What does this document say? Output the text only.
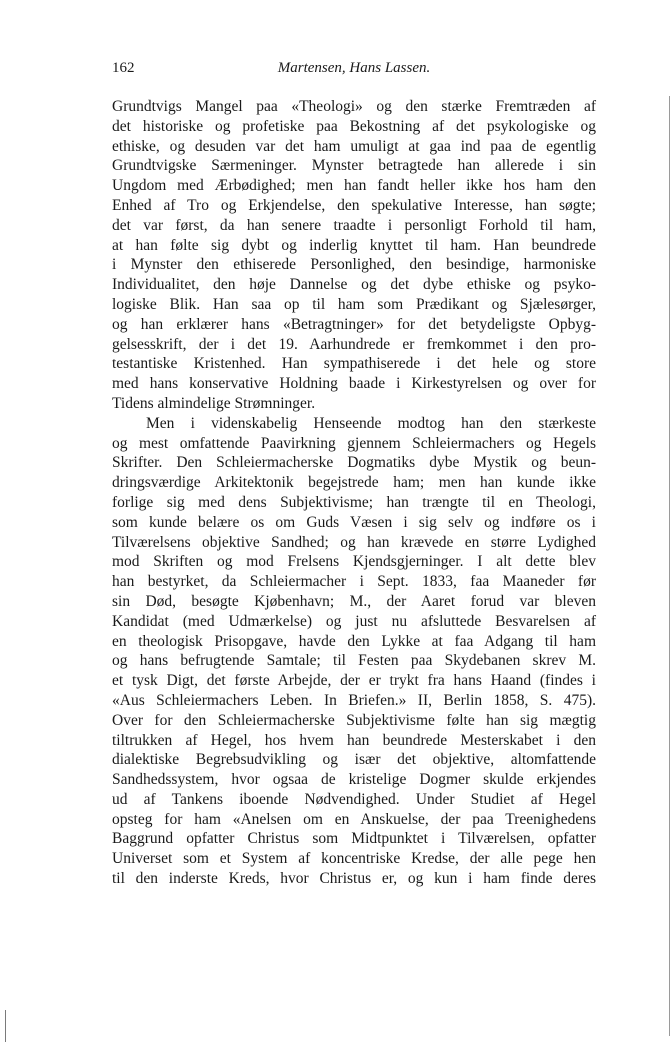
162	Martensen, Hans Lassen.
Grundtvigs Mangel paa «Theologi» og den stærke Fremtræden af
det historiske og profetiske paa Bekostning af det psykologiske og
ethiske, og desuden var det ham umuligt at gaa ind paa de egentlig
Grundtvigske Særmeninger. Mynster betragtede han allerede i sin
Ungdom med Ærbødighed; men han fandt heller ikke hos ham den
Enhed af Tro og Erkjendelse, den spekulative Interesse, han søgte;
det var først, da han senere traadte i personligt Forhold til ham,
at han følte sig dybt og inderlig knyttet til ham. Han beundrede
i Mynster den ethiserede Personlighed, den besindige, harmoniske
Individualitet, den høje Dannelse og det dybe ethiske og psyko-
logiske Blik. Han saa op til ham som Prædikant og Sjælesørger,
og han erklærer hans «Betragtninger» for det betydeligste Opbyg-
gelsesskrift, der i det 19. Aarhundrede er fremkommet i den pro-
testantiske Kristenhed. Han sympathiserede i det hele og store
med hans konservative Holdning baade i Kirkestyrelsen og over for
Tidens almindelige Strømninger.
Men i videnskabelig Henseende modtog han den stærkeste
og mest omfattende Paavirkning gjennem Schleiermachers og Hegels
Skrifter. Den Schleiermacherske Dogmatiks dybe Mystik og beun-
dringsværdige Arkitektonik begejstrede ham; men han kunde ikke
forlige sig med dens Subjektivisme; han trængte til en Theologi,
som kunde belære os om Guds Væsen i sig selv og indføre os i
Tilværelsens objektive Sandhed; og han krævede en større Lydighed
mod Skriften og mod Frelsens Kjendsgjerninger. I alt dette blev
han bestyrket, da Schleiermacher i Sept. 1833, faa Maaneder før
sin Død, besøgte Kjøbenhavn; M., der Aaret forud var bleven
Kandidat (med Udmærkelse) og just nu afsluttede Besvarelsen af
en theologisk Prisopgave, havde den Lykke at faa Adgang til ham
og hans befrugtende Samtale; til Festen paa Skydebanen skrev M.
et tysk Digt, det første Arbejde, der er trykt fra hans Haand (findes i
«Aus Schleiermachers Leben. In Briefen.» II, Berlin 1858, S. 475).
Over for den Schleiermacherske Subjektivisme følte han sig mægtig
tiltrukken af Hegel, hos hvem han beundrede Mesterskabet i den
dialektiske Begrebsudvikling og især det objektive, altomfattende
Sandhedssystem, hvor ogsaa de kristelige Dogmer skulde erkjendes
ud af Tankens iboende Nødvendighed. Under Studiet af Hegel
opsteg for ham «Anelsen om en Anskuelse, der paa Treenighedens
Baggrund opfatter Christus som Midtpunktet i Tilværelsen, opfatter
Universet som et System af koncentriske Kredse, der alle pege hen
til den inderste Kreds, hvor Christus er, og kun i ham finde deres
